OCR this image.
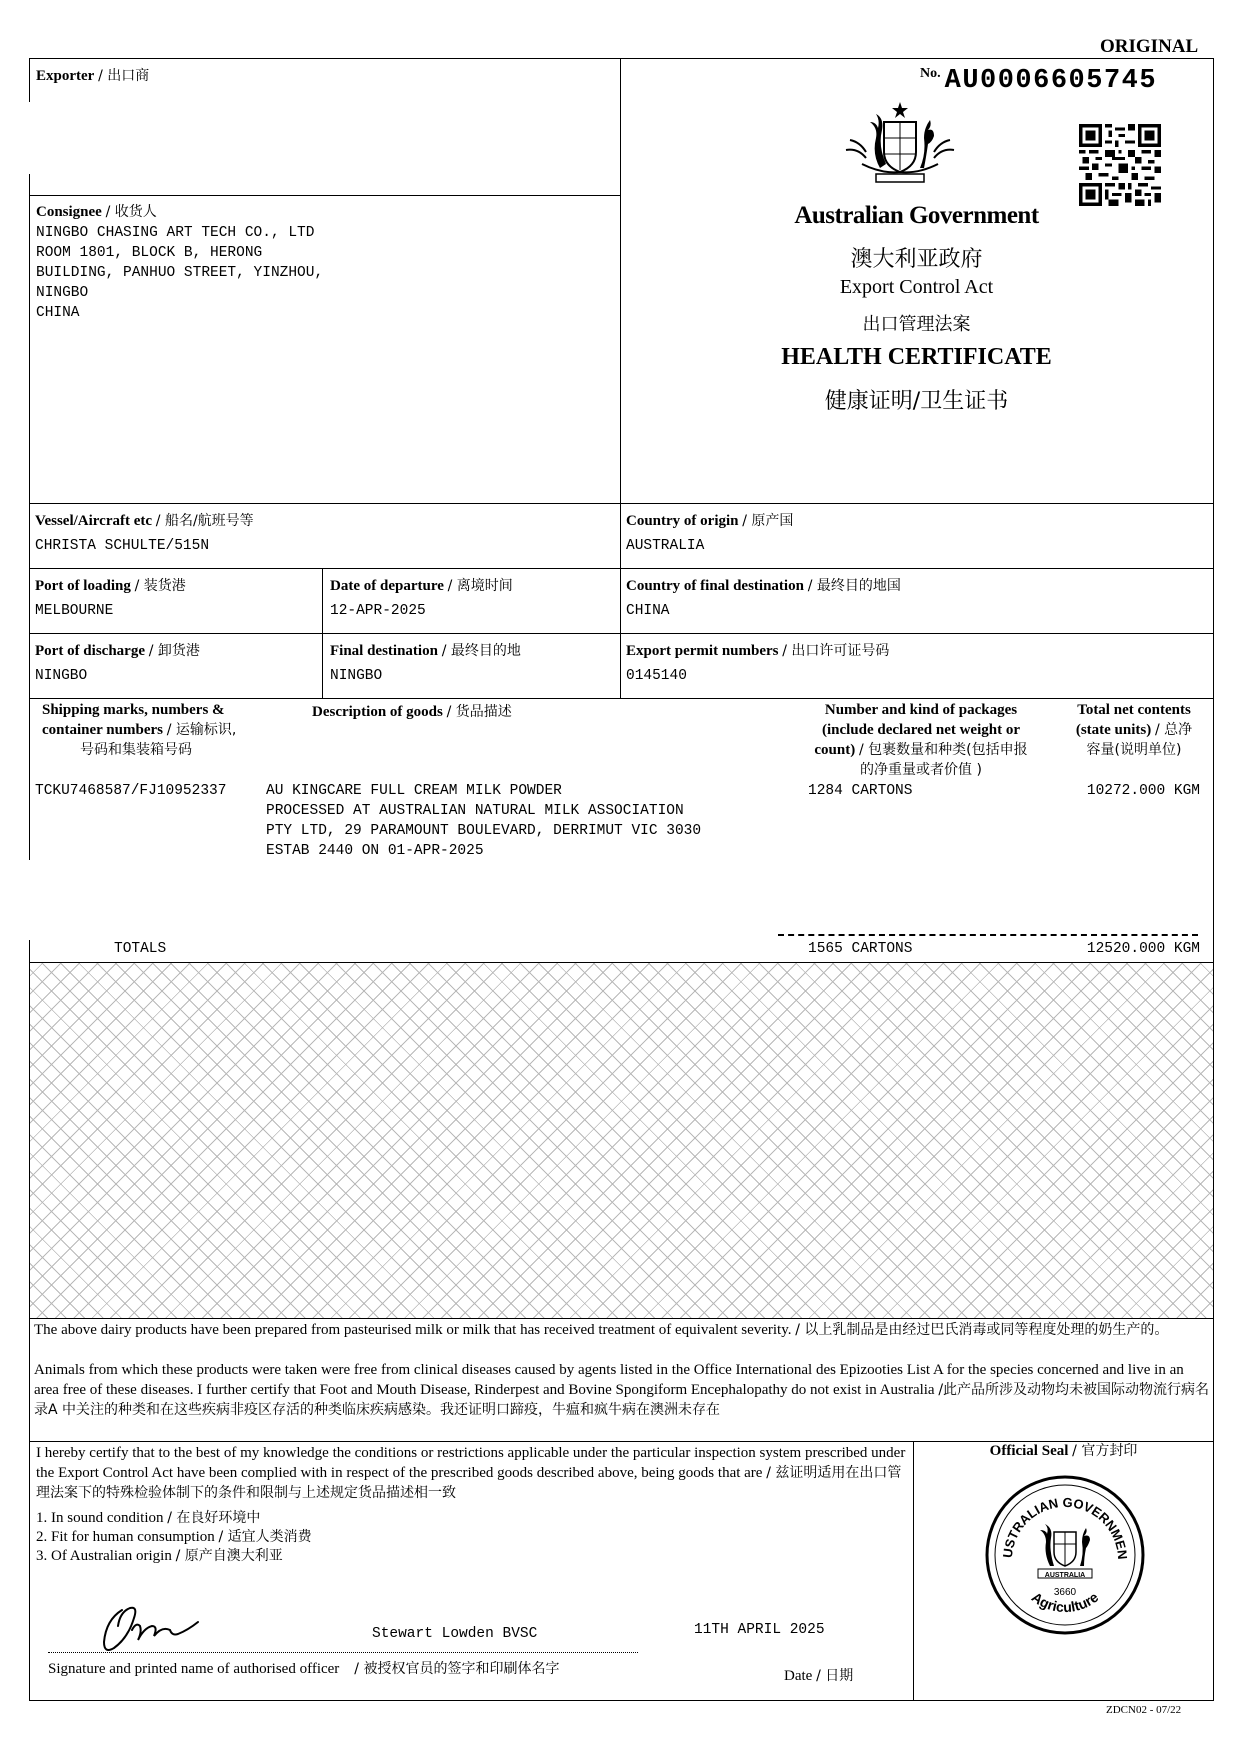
ORIGINAL
Exporter / 出口商
Consignee / 收货人
NINGBO CHASING ART TECH CO., LTD
ROOM 1801, BLOCK B, HERONG
BUILDING, PANHUO STREET, YINZHOU,
NINGBO
CHINA
No. AU0006605745
Australian Government
澳大利亚政府
Export Control Act
出口管理法案
HEALTH CERTIFICATE
健康证明/卫生证书
Vessel/Aircraft etc / 船名/航班号等
CHRISTA SCHULTE/515N
Country of origin / 原产国
AUSTRALIA
Port of loading / 装货港
MELBOURNE
Date of departure / 离境时间
12-APR-2025
Country of final destination / 最终目的地国
CHINA
Port of discharge / 卸货港
NINGBO
Final destination / 最终目的地
NINGBO
Export permit numbers / 出口许可证号码
0145140
Shipping marks, numbers &
container numbers / 运输标识,
号码和集装箱号码
Description of goods / 货品描述	Number and kind of packages
(include declared net weight or
count) / 包裹数量和种类(包括申报
的净重量或者价值 )
Total net contents
(state units) / 总净
容量(说明单位)
TCKU7468587/FJ10952337	AU KINGCARE FULL CREAM MILK POWDER
PROCESSED AT AUSTRALIAN NATURAL MILK ASSOCIATION
PTY LTD, 29 PARAMOUNT BOULEVARD, DERRIMUT VIC 3030
ESTAB 2440 ON 01-APR-2025
1284 CARTONS	10272.000 KGM
TOTALS	1565 CARTONS	12520.000 KGM
The above dairy products have been prepared from pasteurised milk or milk that has received treatment of equivalent severity. / 以上乳制品是由经过巴氏消毒或同等程度处理的奶生产的。
Animals from which these products were taken were free from clinical diseases caused by agents listed in the Office International des Epizooties List A for the species concerned and live in an area free of these diseases. I further certify that Foot and Mouth Disease, Rinderpest and Bovine Spongiform Encephalopathy do not exist in Australia /此产品所涉及动物均未被国际动物流行病名录A 中关注的种类和在这些疾病非疫区存活的种类临床疾病感染。我还证明口蹄疫，牛瘟和疯牛病在澳洲未存在
I hereby certify that to the best of my knowledge the conditions or restrictions applicable under the particular inspection system prescribed under the Export Control Act have been complied with in respect of the prescribed goods described above, being goods that are / 兹证明适用在出口管理法案下的特殊检验体制下的条件和限制与上述规定货品描述相一致
1. In sound condition / 在良好环境中
2. Fit for human consumption / 适宜人类消费
3. Of Australian origin / 原产自澳大利亚
Stewart Lowden BVSC	11TH APRIL 2025
Signature and printed name of authorised officer / 被授权官员的签字和印刷体名字	Date / 日期
Official Seal / 官方封印
USTRALIAN GOVERNMEN
Agriculture
AUSTRALIA
3660
ZDCN02 - 07/22
